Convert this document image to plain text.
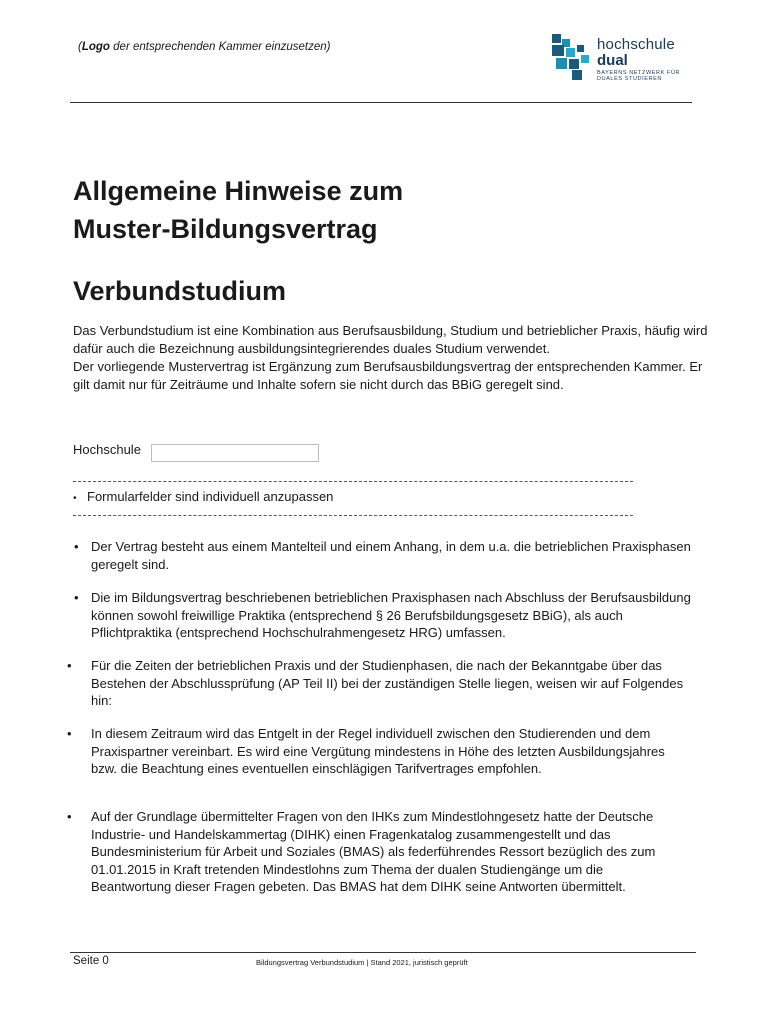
(Logo der entsprechenden Kammer einzusetzen)	hochschule
dual
BAYERNS NETZWERK FÜR
DUALES STUDIEREN
Allgemeine Hinweise zum
Muster-Bildungsvertrag
Verbundstudium

Das Verbundstudium ist eine Kombination aus Berufsausbildung, Studium und betrieblicher Praxis, häufig wird dafür auch die Bezeichnung ausbildungsintegrierendes duales Studium verwendet.

Der vorliegende Mustervertrag ist Ergänzung zum Berufsausbildungsvertrag der entsprechenden Kammer. Er gilt damit nur für Zeiträume und Inhalte sofern sie nicht durch das BBiG geregelt sind.

Hochschule
• Formularfelder sind individuell anzupassen
• Der Vertrag besteht aus einem Mantelteil und einem Anhang, in dem u.a. die betrieblichen Praxisphasen geregelt sind.
• Die im Bildungsvertrag beschriebenen betrieblichen Praxisphasen nach Abschluss der Berufsausbildung können sowohl freiwillige Praktika (entsprechend § 26 Berufsbildungsgesetz BBiG), als auch Pflichtpraktika (entsprechend Hochschulrahmengesetz HRG) umfassen.
• Für die Zeiten der betrieblichen Praxis und der Studienphasen, die nach der Bekanntgabe über das Bestehen der Abschlussprüfung (AP Teil II) bei der zuständigen Stelle liegen, weisen wir auf Folgendes hin:
• In diesem Zeitraum wird das Entgelt in der Regel individuell zwischen den Studierenden und dem Praxispartner vereinbart. Es wird eine Vergütung mindestens in Höhe des letzten Ausbildungsjahres bzw. die Beachtung eines eventuellen einschlägigen Tarifvertrages empfohlen.
• Auf der Grundlage übermittelter Fragen von den IHKs zum Mindestlohngesetz hatte der Deutsche Industrie- und Handelskammertag (DIHK) einen Fragenkatalog zusammengestellt und das Bundesministerium für Arbeit und Soziales (BMAS) als federführendes Ressort bezüglich des zum 01.01.2015 in Kraft tretenden Mindestlohns zum Thema der dualen Studiengänge um die Beantwortung dieser Fragen gebeten. Das BMAS hat dem DIHK seine Antworten übermittelt.
Seite 0	Bildungsvertrag Verbundstudium | Stand 2021, juristisch geprüft
